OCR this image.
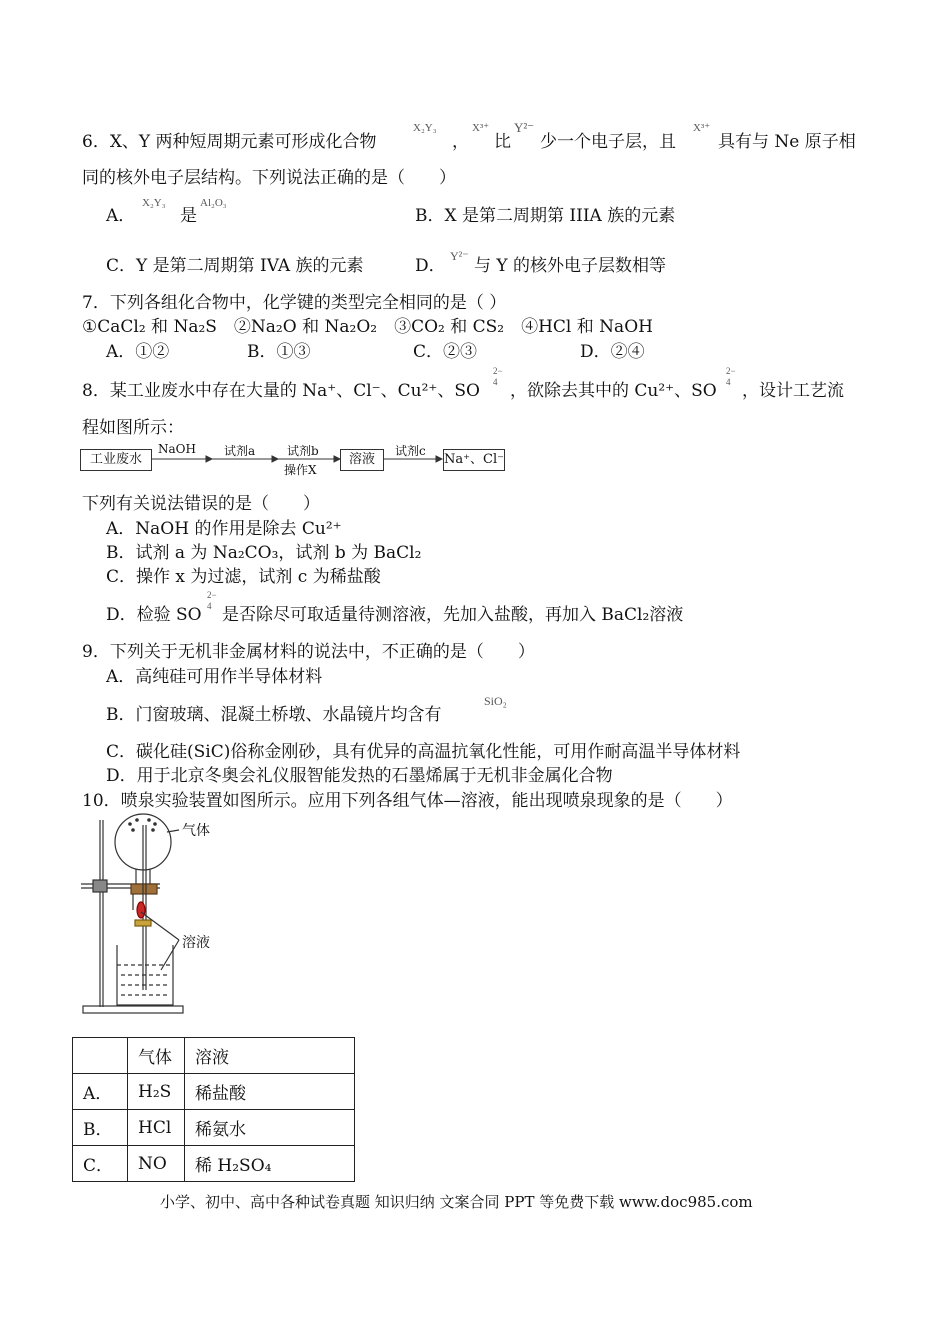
6．X、Y 两种短周期元素可形成化合物
X₂Y₃
，
X³⁺
比
Y²⁻
少一个电子层，且
X³⁺
具有与 Ne 原子相
同的核外电子层结构。下列说法正确的是（　　）
A．
X₂Y₃
是
Al₂O₃
B．X 是第二周期第 IIIA 族的元素
C．Y 是第二周期第 IVA 族的元素	D． Y²⁻ 与 Y 的核外电子层数相等
7．下列各组化合物中，化学键的类型完全相同的是（ ）
①CaCl₂ 和 Na₂S　②Na₂O 和 Na₂O₂　③CO₂ 和 CS₂　④HCl 和 NaOH
A．①②	B．①③	C．②③	D．②④
8．某工业废水中存在大量的 Na⁺、Cl⁻、Cu²⁺、SO
2− 4 ，欲除去其中的 Cu²⁺、SO
2− 4 ，设计工艺流
程如图所示：
工业废水
NaOH 试剂a	试剂b
操作X
溶液
试剂c
Na⁺、Cl⁻
下列有关说法错误的是（　　）
A．NaOH 的作用是除去 Cu²⁺
B．试剂 a 为 Na₂CO₃，试剂 b 为 BaCl₂
C．操作 x 为过滤，试剂 c 为稀盐酸
D．检验 SO
2− 4 是否除尽可取适量待测溶液，先加入盐酸，再加入 BaCl₂溶液
9．下列关于无机非金属材料的说法中，不正确的是（　　）
A．高纯硅可用作半导体材料
B．门窗玻璃、混凝土桥墩、水晶镜片均含有
SiO₂
C．碳化硅(SiC)俗称金刚砂，具有优异的高温抗氧化性能，可用作耐高温半导体材料
D．用于北京冬奥会礼仪服智能发热的石墨烯属于无机非金属化合物
10．喷泉实验装置如图所示。应用下列各组气体—溶液，能出现喷泉现象的是（　　）
气体
溶液
	气体	溶液
A．	H₂S	稀盐酸
B．	HCl	稀氨水
C．	NO	稀 H₂SO₄
小学、初中、高中各种试卷真题 知识归纳 文案合同 PPT 等免费下载 www.doc985.com
